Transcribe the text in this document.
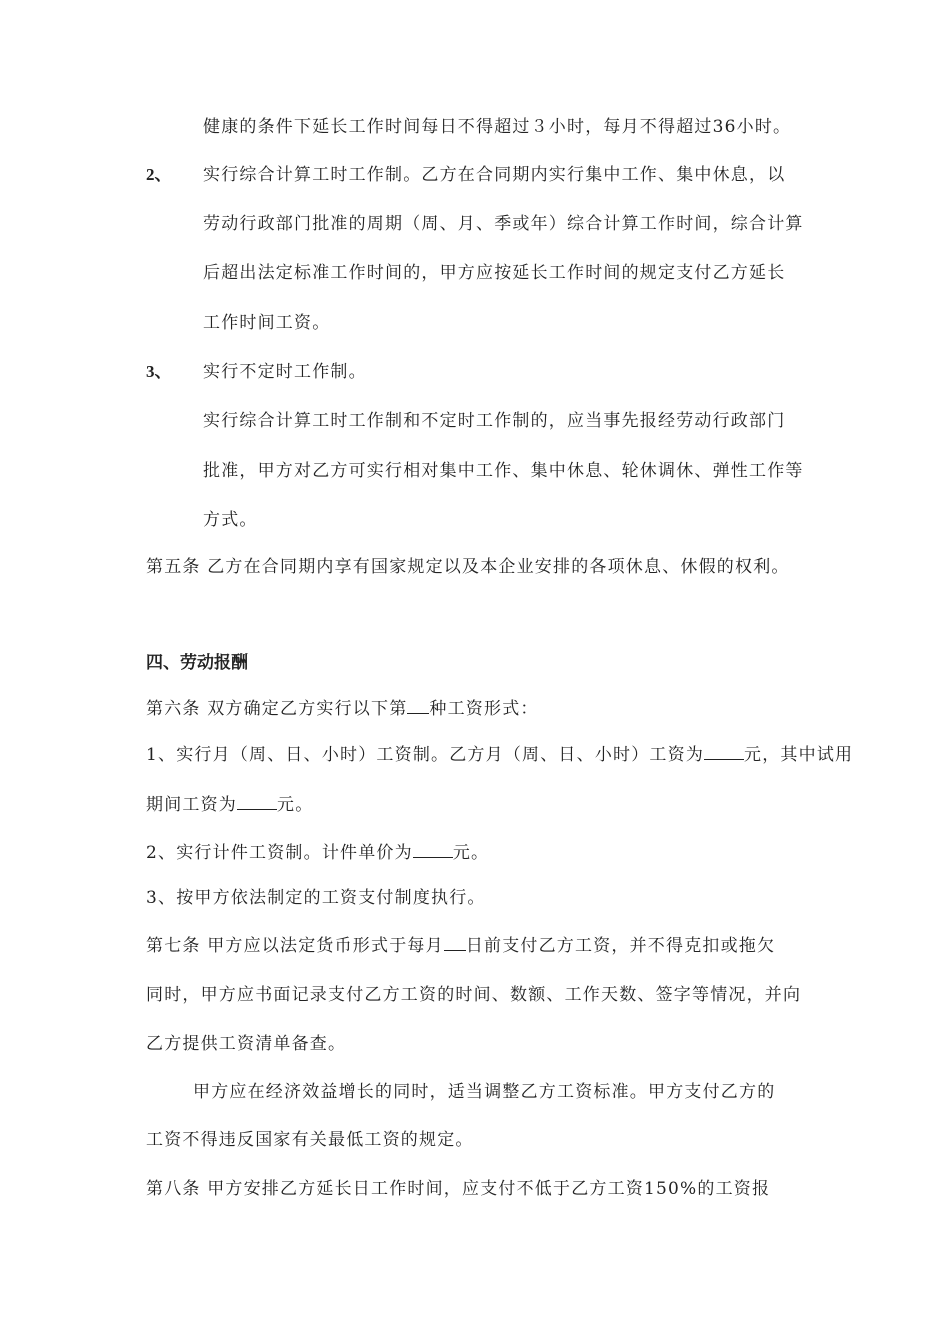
健康的条件下延长工作时间每日不得超过３小时，每月不得超过36小时。
2、 实行综合计算工时工作制。乙方在合同期内实行集中工作、集中休息，以
劳动行政部门批准的周期（周、月、季或年）综合计算工作时间，综合计算
后超出法定标准工作时间的，甲方应按延长工作时间的规定支付乙方延长
工作时间工资。
3、 实行不定时工作制。
实行综合计算工时工作制和不定时工作制的，应当事先报经劳动行政部门
批准，甲方对乙方可实行相对集中工作、集中休息、轮休调休、弹性工作等
方式。
第五条 乙方在合同期内享有国家规定以及本企业安排的各项休息、休假的权利。
四、劳动报酬
第六条 双方确定乙方实行以下第 种工资形式：
1、实行月（周、日、小时）工资制。乙方月（周、日、小时）工资为 元，其中试用
期间工资为 元。
2、实行计件工资制。计件单价为 元。
3、按甲方依法制定的工资支付制度执行。
第七条 甲方应以法定货币形式于每月 日前支付乙方工资，并不得克扣或拖欠
同时，甲方应书面记录支付乙方工资的时间、数额、工作天数、签字等情况，并向
乙方提供工资清单备查。
甲方应在经济效益增长的同时，适当调整乙方工资标准。甲方支付乙方的
工资不得违反国家有关最低工资的规定。
第八条 甲方安排乙方延长日工作时间，应支付不低于乙方工资150%的工资报
